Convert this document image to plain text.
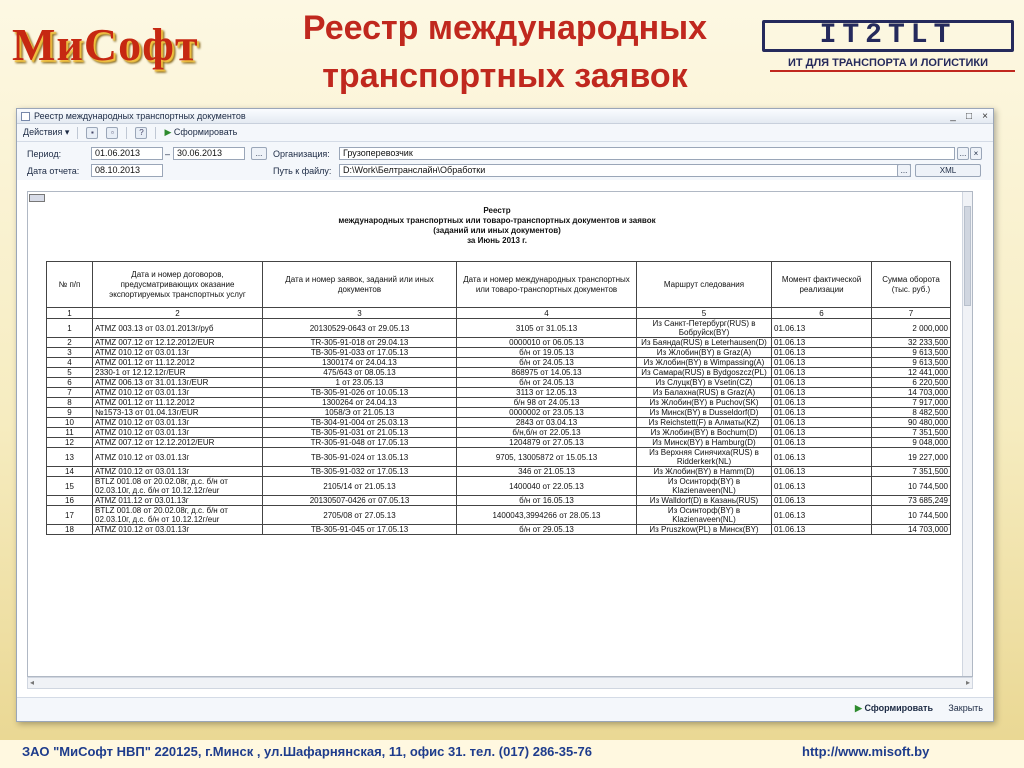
МиСофт	Реестр международных
транспортных заявок
IT2TLT
ИТ ДЛЯ ТРАНСПОРТА И ЛОГИСТИКИ
Реестр международных транспортных документов	_	□	×
Действия ▾	▪	▫	?	▶ Сформировать
Период:	01.06.2013	– 30.06.2013	...	Организация:	Грузоперевозчик	... ×
Дата отчета:	08.10.2013	Путь к файлу:	D:\Work\Белтранслайн\Обработки	...	XML
Реестр
международных транспортных или товаро-транспортных документов и заявок
(заданий или иных документов)
за Июнь 2013 г.
№ п/п	Дата и номер договоров, предусматривающих оказание экспортируемых транспортных услуг	Дата и номер заявок, заданий или иных документов	Дата и номер международных транспортных или товаро-транспортных документов	Маршрут следования	Момент фактической реализации	Сумма оборота (тыс. руб.)
1	2	3	4	5	6	7
1	ATMZ 003.13 от 03.01.2013г/руб	20130529-0643 от 29.05.13	3105 от 31.05.13	Из Санкт-Петербург(RUS) в Бобруйск(BY)	01.06.13	2 000,000
2	ATMZ 007.12 от 12.12.2012/EUR	TR-305-91-018 от 29.04.13	0000010 от 06.05.13	Из Баянда(RUS) в Leterhausen(D)	01.06.13	32 233,500
3	ATMZ 010.12 от 03.01.13г	ТВ-305-91-033 от 17.05.13	б/н от 19.05.13	Из Жлобин(BY) в Graz(A)	01.06.13	9 613,500
4	ATMZ 001.12 от 11.12.2012	1300174 от 24.04.13	б/н от 24.05.13	Из Жлобин(BY) в Wimpassing(A)	01.06.13	9 613,500
5	2330-1 от 12.12.12г/EUR	475/643 от 08.05.13	868975 от 14.05.13	Из Самара(RUS) в Bydgoszcz(PL)	01.06.13	12 441,000
6	ATMZ 006.13 от 31.01.13г/EUR	1 от 23.05.13	б/н от 24.05.13	Из Слуцк(BY) в Vsetin(CZ)	01.06.13	6 220,500
7	ATMZ 010.12 от 03.01.13г	ТВ-305-91-026 от 10.05.13	3113 от 12.05.13	Из Балахна(RUS) в Graz(A)	01.06.13	14 703,000
8	ATMZ 001.12 от 11.12.2012	1300264 от 24.04.13	б/н 98 от 24.05.13	Из Жлобин(BY) в Puchov(SK)	01.06.13	7 917,000
9	№1573-13 от 01.04.13г/EUR	1058/Э от 21.05.13	0000002 от 23.05.13	Из Минск(BY) в Dusseldorf(D)	01.06.13	8 482,500
10	ATMZ 010.12 от 03.01.13г	ТВ-304-91-004 от 25.03.13	2843 от 03.04.13	Из Reichstett(F) в Алматы(KZ)	01.06.13	90 480,000
11	ATMZ 010.12 от 03.01.13г	ТВ-305-91-031 от 21.05.13	б/н,б/н от 22.05.13	Из Жлобин(BY) в Bochum(D)	01.06.13	7 351,500
12	ATMZ 007.12 от 12.12.2012/EUR	TR-305-91-048 от 17.05.13	1204879 от 27.05.13	Из Минск(BY) в Hamburg(D)	01.06.13	9 048,000
13	ATMZ 010.12 от 03.01.13г	ТВ-305-91-024 от 13.05.13	9705, 13005872 от 15.05.13	Из Верхняя Синячиха(RUS) в Ridderkerk(NL)	01.06.13	19 227,000
14	ATMZ 010.12 от 03.01.13г	ТВ-305-91-032 от 17.05.13	346 от 21.05.13	Из Жлобин(BY) в Hamm(D)	01.06.13	7 351,500
15	BTLZ 001.08 от 20.02.08г, д.с. б/н от 02.03.10г, д.с. б/н от 10.12.12г/eur	2105/14 от 21.05.13	1400040 от 22.05.13	Из Осинторф(BY) в Klazienaveen(NL)	01.06.13	10 744,500
16	ATMZ 011.12 от 03.01.13г	20130507-0426 от 07.05.13	б/н от 16.05.13	Из Walldorf(D) в Казань(RUS)	01.06.13	73 685,249
17	BTLZ 001.08 от 20.02.08г, д.с. б/н от 02.03.10г, д.с. б/н от 10.12.12г/eur	2705/08 от 27.05.13	1400043,3994266 от 28.05.13	Из Осинторф(BY) в Klazienaveen(NL)	01.06.13	10 744,500
18	ATMZ 010.12 от 03.01.13г	ТВ-305-91-045 от 17.05.13	б/н от 29.05.13	Из Pruszkow(PL) в Минск(BY)	01.06.13	14 703,000
◂	▸
▶ Сформировать Закрыть
ЗАО "МиСофт НВП" 220125, г.Минск , ул.Шафарнянская, 11, офис 31. тел. (017) 286-35-76	http://www.misoft.by
